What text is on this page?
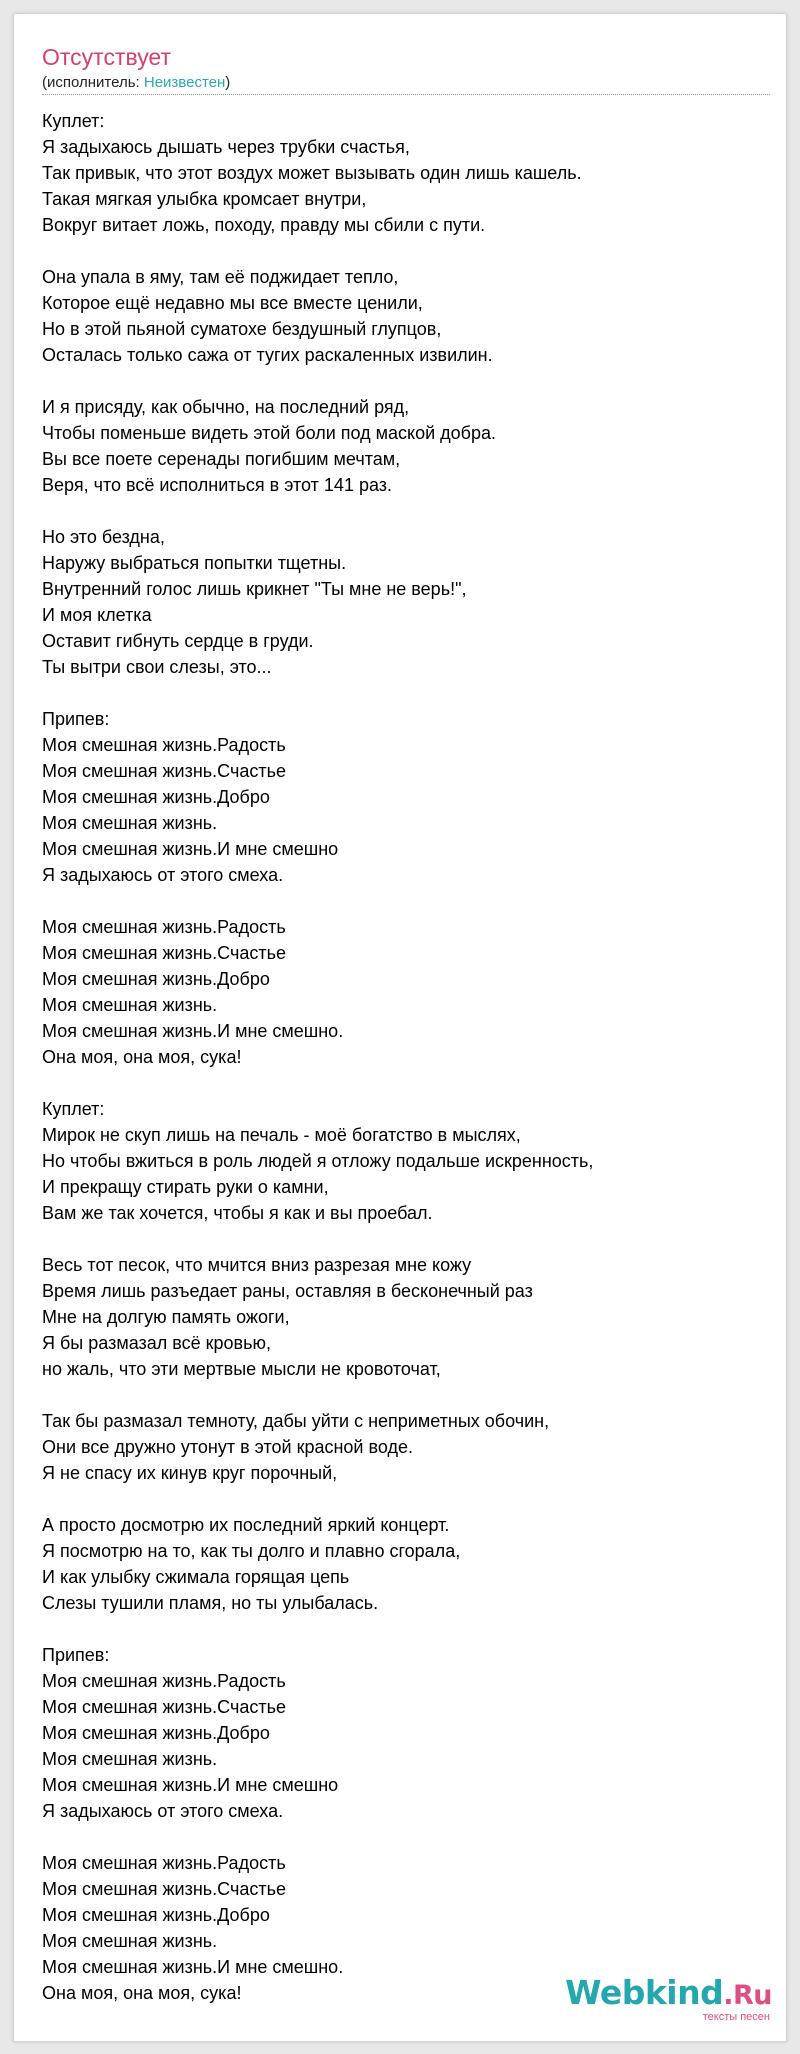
Отсутствует
(исполнитель: Неизвестен)
Куплет:
Я задыхаюсь дышать через трубки счастья,
Так привык, что этот воздух может вызывать один лишь кашель.
Такая мягкая улыбка кромсает внутри,
Вокруг витает ложь, походу, правду мы сбили с пути.
Она упала в яму, там её поджидает тепло,
Которое ещё недавно мы все вместе ценили,
Но в этой пьяной суматохе бездушный глупцов,
Осталась только сажа от тугих раскаленных извилин.
И я присяду, как обычно, на последний ряд,
Чтобы поменьше видеть этой боли под маской добра.
Вы все поете серенады погибшим мечтам,
Веря, что всё исполниться в этот 141 раз.
Но это бездна,
Наружу выбраться попытки тщетны.
Внутренний голос лишь крикнет "Ты мне не верь!",
И моя клетка
Оставит гибнуть сердце в груди.
Ты вытри свои слезы, это...
Припев:
Моя смешная жизнь.Радость
Моя смешная жизнь.Счастье
Моя смешная жизнь.Добро
Моя смешная жизнь.
Моя смешная жизнь.И мне смешно
Я задыхаюсь от этого смеха.
Моя смешная жизнь.Радость
Моя смешная жизнь.Счастье
Моя смешная жизнь.Добро
Моя смешная жизнь.
Моя смешная жизнь.И мне смешно.
Она моя, она моя, сука!
Куплет:
Мирок не скуп лишь на печаль - моё богатство в мыслях,
Но чтобы вжиться в роль людей я отложу подальше искренность,
И прекращу стирать руки о камни,
Вам же так хочется, чтобы я как и вы проебал.
Весь тот песок, что мчится вниз разрезая мне кожу
Время лишь разъедает раны, оставляя в бесконечный раз
Мне на долгую память ожоги,
Я бы размазал всё кровью,
но жаль, что эти мертвые мысли не кровоточат,
Так бы размазал темноту, дабы уйти с неприметных обочин,
Они все дружно утонут в этой красной воде.
Я не спасу их кинув круг порочный,
А просто досмотрю их последний яркий концерт.
Я посмотрю на то, как ты долго и плавно сгорала,
И как улыбку сжимала горящая цепь
Слезы тушили пламя, но ты улыбалась.
Припев:
Моя смешная жизнь.Радость
Моя смешная жизнь.Счастье
Моя смешная жизнь.Добро
Моя смешная жизнь.
Моя смешная жизнь.И мне смешно
Я задыхаюсь от этого смеха.
Моя смешная жизнь.Радость
Моя смешная жизнь.Счастье
Моя смешная жизнь.Добро
Моя смешная жизнь.
Моя смешная жизнь.И мне смешно.
Она моя, она моя, сука!	Webkind.Ru
тексты песен
